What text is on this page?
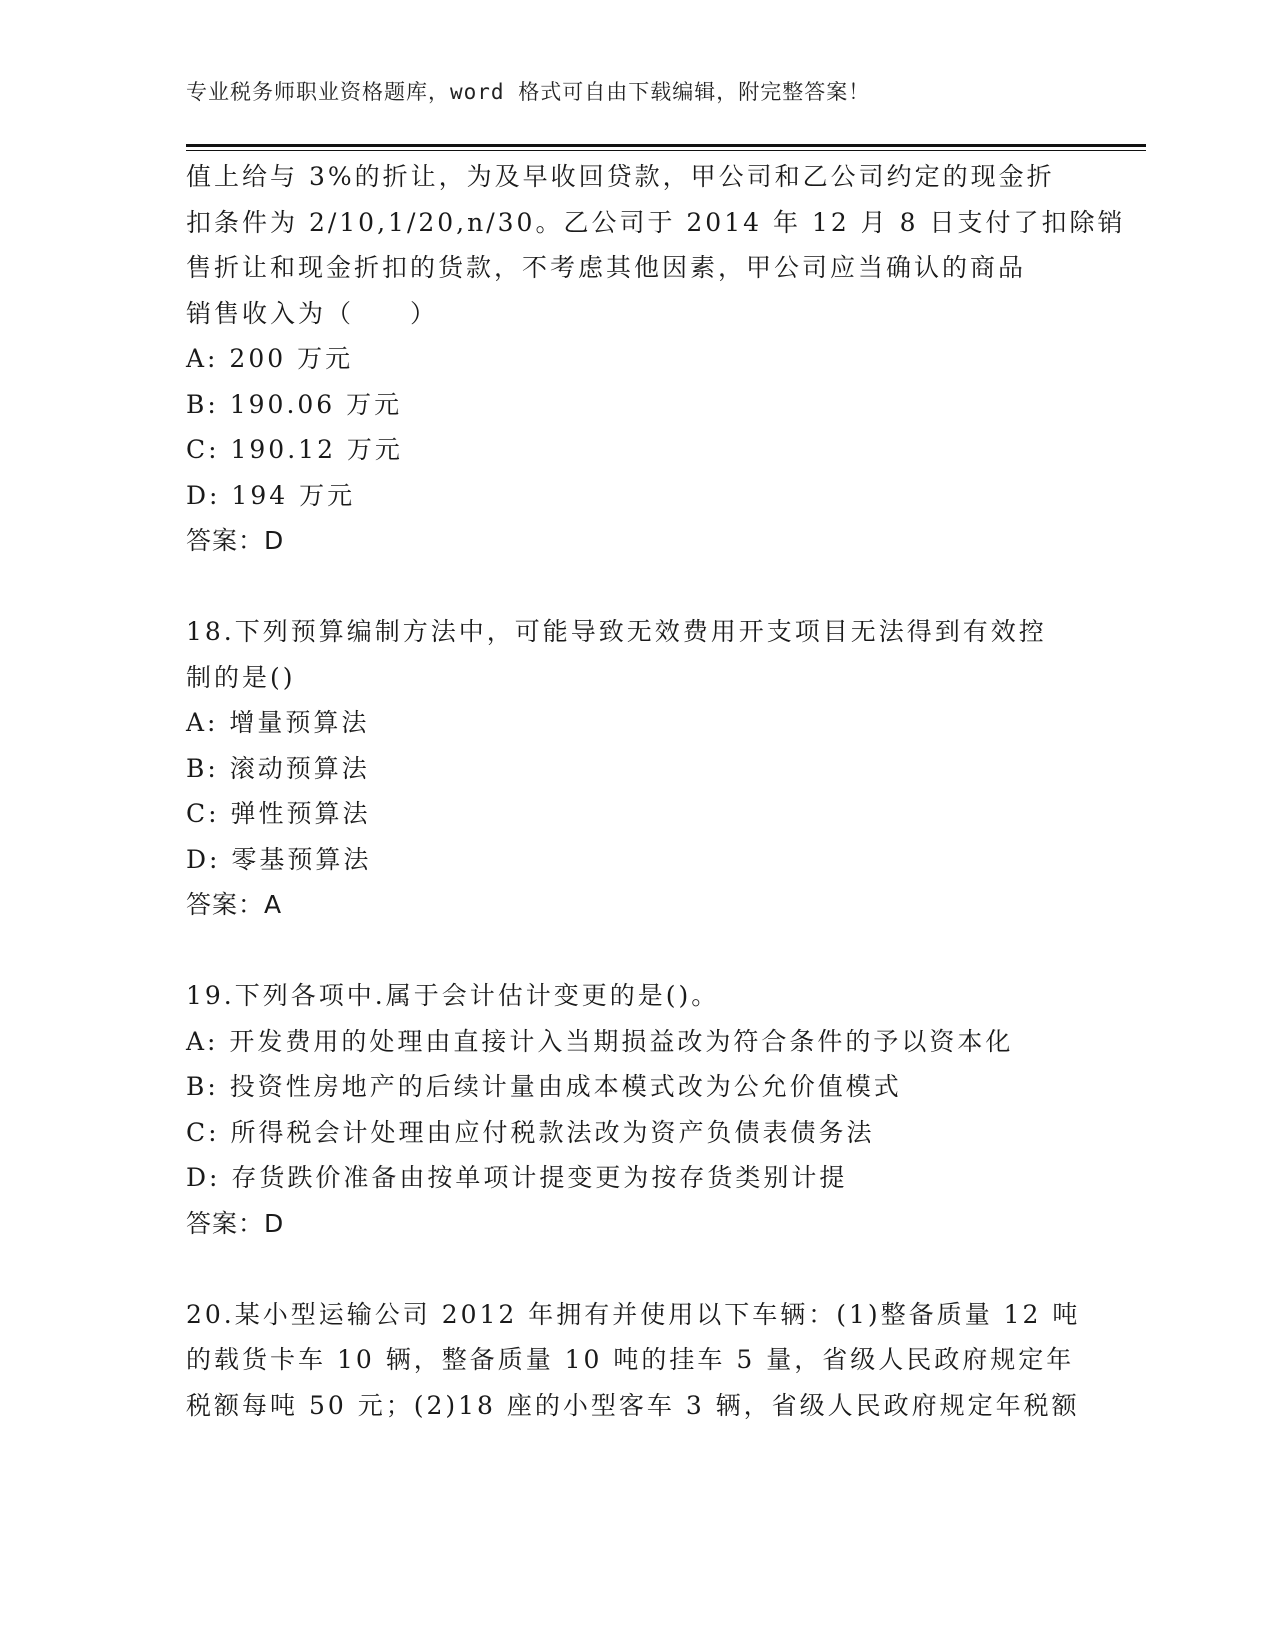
专业税务师职业资格题库，word 格式可自由下载编辑，附完整答案！
值上给与 3%的折让，为及早收回贷款，甲公司和乙公司约定的现金折
扣条件为 2/10,1/20,n/30。乙公司于 2014 年 12 月 8 日支付了扣除销
售折让和现金折扣的货款，不考虑其他因素，甲公司应当确认的商品
销售收入为（　　）
A: 200 万元
B: 190.06 万元
C: 190.12 万元
D: 194 万元
答案：D
18.下列预算编制方法中，可能导致无效费用开支项目无法得到有效控
制的是()
A: 增量预算法
B: 滚动预算法
C: 弹性预算法
D: 零基预算法
答案：A
19.下列各项中.属于会计估计变更的是()。
A: 开发费用的处理由直接计入当期损益改为符合条件的予以资本化
B: 投资性房地产的后续计量由成本模式改为公允价值模式
C: 所得税会计处理由应付税款法改为资产负债表债务法
D: 存货跌价准备由按单项计提变更为按存货类别计提
答案：D
20.某小型运输公司 2012 年拥有并使用以下车辆：(1)整备质量 12 吨
的载货卡车 10 辆，整备质量 10 吨的挂车 5 量，省级人民政府规定年
税额每吨 50 元；(2)18 座的小型客车 3 辆，省级人民政府规定年税额
